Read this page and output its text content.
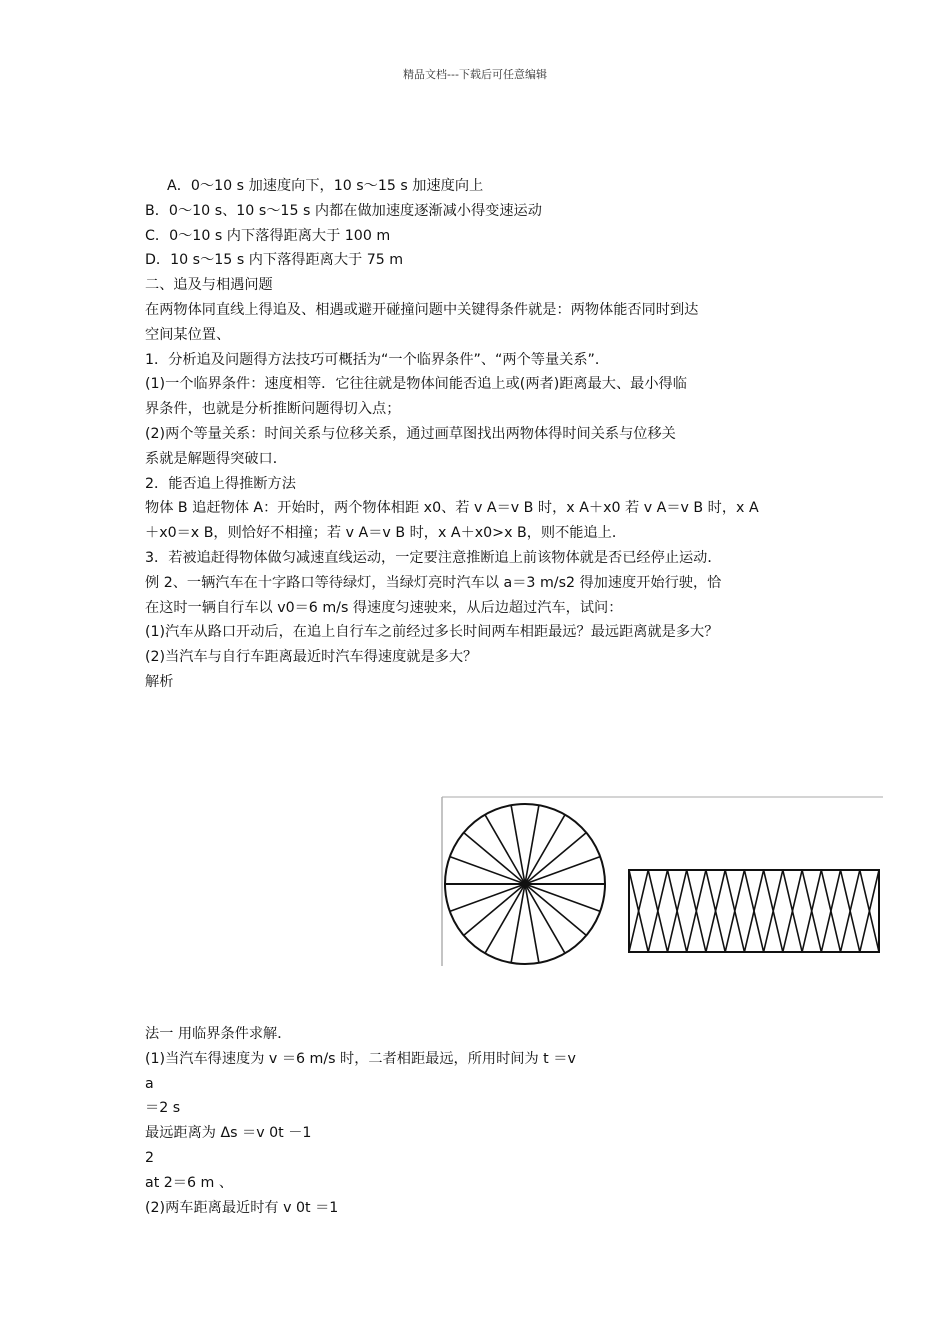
精品文档---下载后可任意编辑
A．0～10 s 加速度向下，10 s～15 s 加速度向上
B．0～10 s、10 s～15 s 内都在做加速度逐渐减小得变速运动
C．0～10 s 内下落得距离大于 100 m
D．10 s～15 s 内下落得距离大于 75 m
二、追及与相遇问题
在两物体同直线上得追及、相遇或避开碰撞问题中关键得条件就是：两物体能否同时到达
空间某位置、
1．分析追及问题得方法技巧可概括为“一个临界条件”、“两个等量关系”．
(1)一个临界条件：速度相等．它往往就是物体间能否追上或(两者)距离最大、最小得临
界条件，也就是分析推断问题得切入点；
(2)两个等量关系：时间关系与位移关系，通过画草图找出两物体得时间关系与位移关
系就是解题得突破口．
2．能否追上得推断方法
物体 B 追赶物体 A：开始时，两个物体相距 x0、若 v A＝v B 时，x A＋x0 若 v A＝v B 时，x A
＋x0＝x B，则恰好不相撞；若 v A＝v B 时，x A＋x0>x B，则不能追上．
3．若被追赶得物体做匀减速直线运动，一定要注意推断追上前该物体就是否已经停止运动．
例 2、一辆汽车在十字路口等待绿灯，当绿灯亮时汽车以 a＝3 m/s2 得加速度开始行驶，恰
在这时一辆自行车以 v0＝6 m/s 得速度匀速驶来，从后边超过汽车，试问：
(1)汽车从路口开动后，在追上自行车之前经过多长时间两车相距最远？最远距离就是多大？
(2)当汽车与自行车距离最近时汽车得速度就是多大？
解析
法一 用临界条件求解．
(1)当汽车得速度为 v ＝6 m/s 时，二者相距最远，所用时间为 t ＝v
a
＝2 s
最远距离为 Δs ＝v 0t －1
2
at 2＝6 m 、
(2)两车距离最近时有 v 0t ＝1
